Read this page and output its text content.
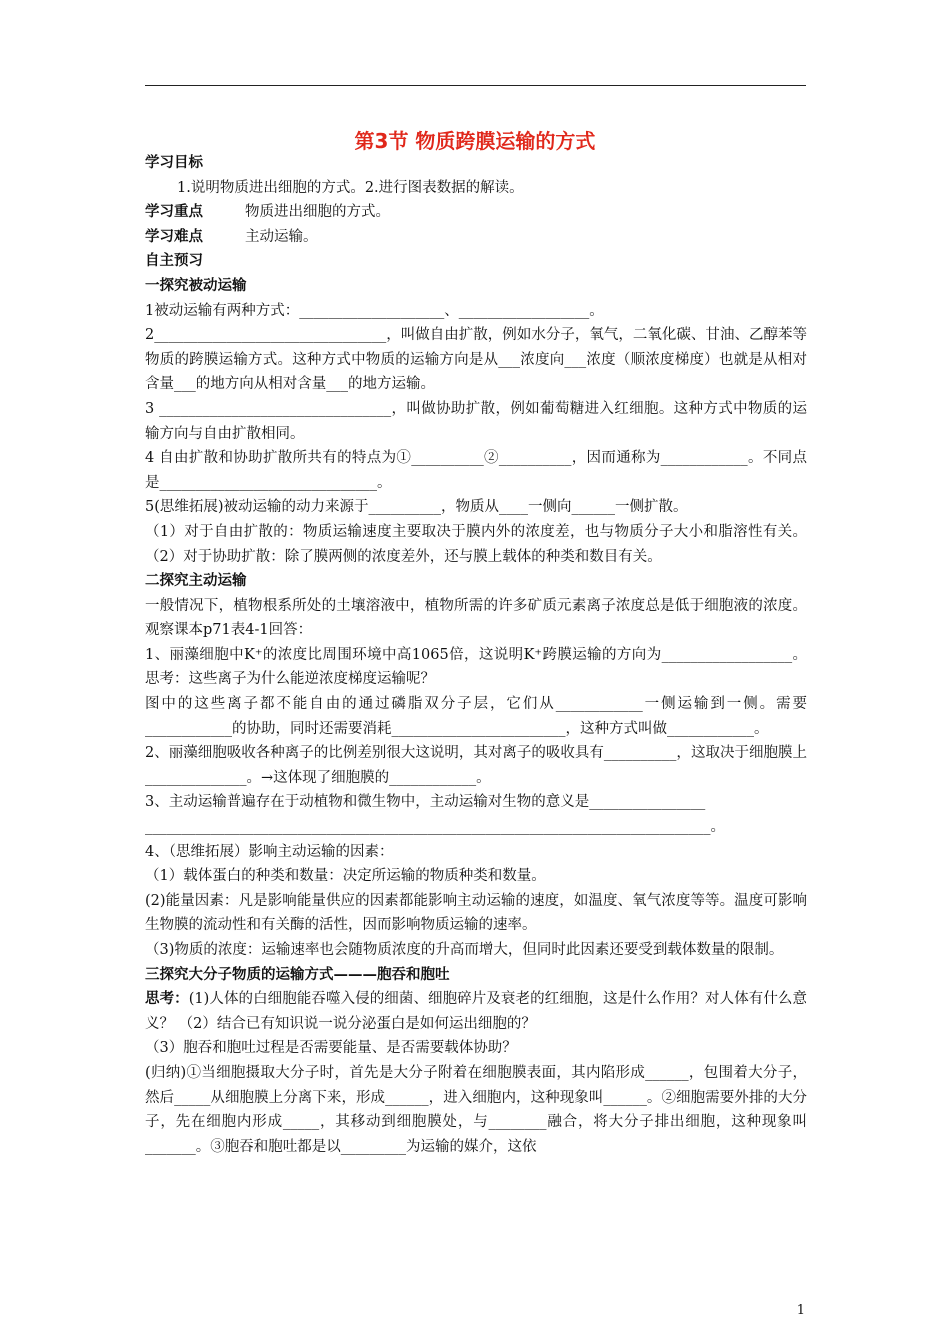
第3节 物质跨膜运输的方式

学习目标

1.说明物质进出细胞的方式。2.进行图表数据的解读。

学习重点	物质进出细胞的方式。

学习难点	主动运输。

自主预习

一探究被动运输

1被动运输有两种方式：____________________、__________________。

2________________________________，叫做自由扩散，例如水分子，氧气，二氧化碳、甘油、乙醇苯等物质的跨膜运输方式。这种方式中物质的运输方向是从___浓度向___浓度（顺浓度梯度）也就是从相对含量___的地方向从相对含量___的地方运输。

3 ________________________________，叫做协助扩散，例如葡萄糖进入红细胞。这种方式中物质的运输方向与自由扩散相同。

4 自由扩散和协助扩散所共有的特点为①__________②__________，因而通称为____________。不同点是______________________________。

5(思维拓展)被动运输的动力来源于__________，物质从____一侧向______一侧扩散。

（1）对于自由扩散的：物质运输速度主要取决于膜内外的浓度差，也与物质分子大小和脂溶性有关。（2）对于协助扩散：除了膜两侧的浓度差外，还与膜上载体的种类和数目有关。

二探究主动运输

一般情况下，植物根系所处的土壤溶液中，植物所需的许多矿质元素离子浓度总是低于细胞液的浓度。观察课本p71表4-1回答：

1、丽藻细胞中K⁺的浓度比周围环境中高1065倍，这说明K⁺跨膜运输的方向为__________________。思考：这些离子为什么能逆浓度梯度运输呢？

图中的这些离子都不能自由的通过磷脂双分子层，它们从____________一侧运输到一侧。需要____________的协助，同时还需要消耗________________________，这种方式叫做____________。

2、丽藻细胞吸收各种离子的比例差别很大这说明，其对离子的吸收具有__________，这取决于细胞膜上______________。→这体现了细胞膜的____________。

3、主动运输普遍存在于动植物和微生物中，主动运输对生物的意义是________________

______________________________________________________________________________。

4、（思维拓展）影响主动运输的因素：

（1）载体蛋白的种类和数量：决定所运输的物质种类和数量。

(2)能量因素：凡是影响能量供应的因素都能影响主动运输的速度，如温度、氧气浓度等等。温度可影响生物膜的流动性和有关酶的活性，因而影响物质运输的速率。

（3)物质的浓度：运输速率也会随物质浓度的升高而增大，但同时此因素还要受到载体数量的限制。

三探究大分子物质的运输方式———胞吞和胞吐

思考：(1)人体的白细胞能吞噬入侵的细菌、细胞碎片及衰老的红细胞，这是什么作用？对人体有什么意义？ （2）结合已有知识说一说分泌蛋白是如何运出细胞的？

（3）胞吞和胞吐过程是否需要能量、是否需要载体协助？

(归纳)①当细胞摄取大分子时，首先是大分子附着在细胞膜表面，其内陷形成______，包围着大分子，然后_____从细胞膜上分离下来，形成______，进入细胞内，这种现象叫______。②细胞需要外排的大分子，先在细胞内形成_____，其移动到细胞膜处，与________融合，将大分子排出细胞，这种现象叫_______。③胞吞和胞吐都是以_________为运输的媒介，这依

1
